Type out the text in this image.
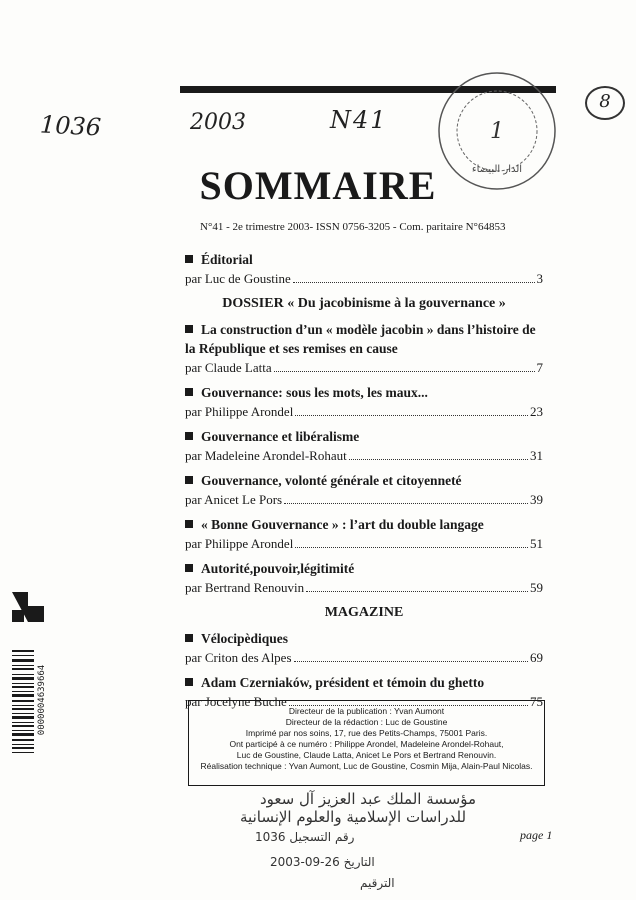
1036	2003	N41
8
الدار البيضاء
1
SOMMAIRE
N°41 - 2e trimestre 2003- ISSN 0756-3205 - Com. paritaire N°64853
Éditorial
par Luc de Goustine	3
DOSSIER « Du jacobinisme à la gouvernance »
La construction d’un « modèle jacobin » dans l’histoire de la République et ses remises en cause
par Claude Latta	7
Gouvernance: sous les mots, les maux...
par Philippe Arondel	23
Gouvernance et libéralisme
par Madeleine Arondel-Rohaut	31
Gouvernance, volonté générale et citoyenneté
par Anicet Le Pors	39
« Bonne Gouvernance » : l’art du double langage
par Philippe Arondel	51
Autorité,pouvoir,légitimité
par Bertrand Renouvin	59
MAGAZINE
Vélocipèdiques
par Criton des Alpes	69
Adam Czerniaków, président et témoin du ghetto
par Jocelyne Buche	75
Directeur de la publication : Yvan Aumont
Directeur de la rédaction : Luc de Goustine
Imprimé par nos soins, 17, rue des Petits-Champs, 75001 Paris.
Ont participé à ce numéro : Philippe Arondel, Madeleine Arondel-Rohaut,
Luc de Goustine, Claude Latta, Anicet Le Pors et Bertrand Renouvin.
Réalisation technique : Yvan Aumont, Luc de Goustine, Cosmin Mija, Alain-Paul Nicolas.
page 1
مؤسسة الملك عبد العزيز آل سعود
للدراسات الإسلامية والعلوم الإنسانية
رقم التسجيل 1036
التاريخ 26-09-2003
الترقيم
0000004639664
